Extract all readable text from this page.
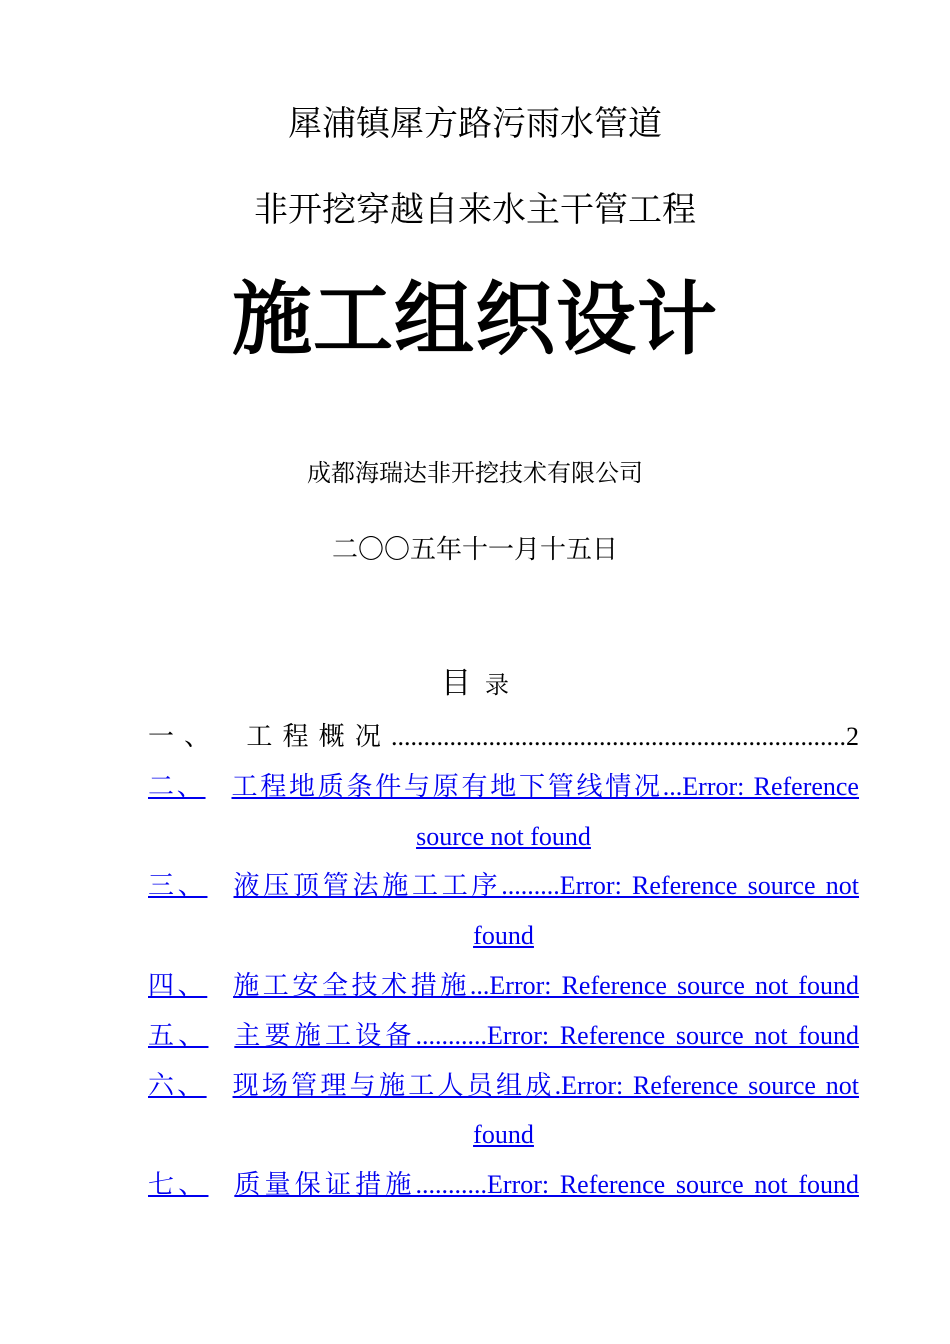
犀浦镇犀方路污雨水管道
非开挖穿越自来水主干管工程
施工组织设计
成都海瑞达非开挖技术有限公司
二〇〇五年十一月十五日
目 录
一、 工程概况......................................................................2
二、 工程地质条件与原有地下管线情况...Error: Reference source not found
三、 液压顶管法施工工序.........Error: Reference source not found
四、 施工安全技术措施...Error: Reference source not found
五、 主要施工设备...........Error: Reference source not found
六、 现场管理与施工人员组成.Error: Reference source not found
七、 质量保证措施...........Error: Reference source not found
